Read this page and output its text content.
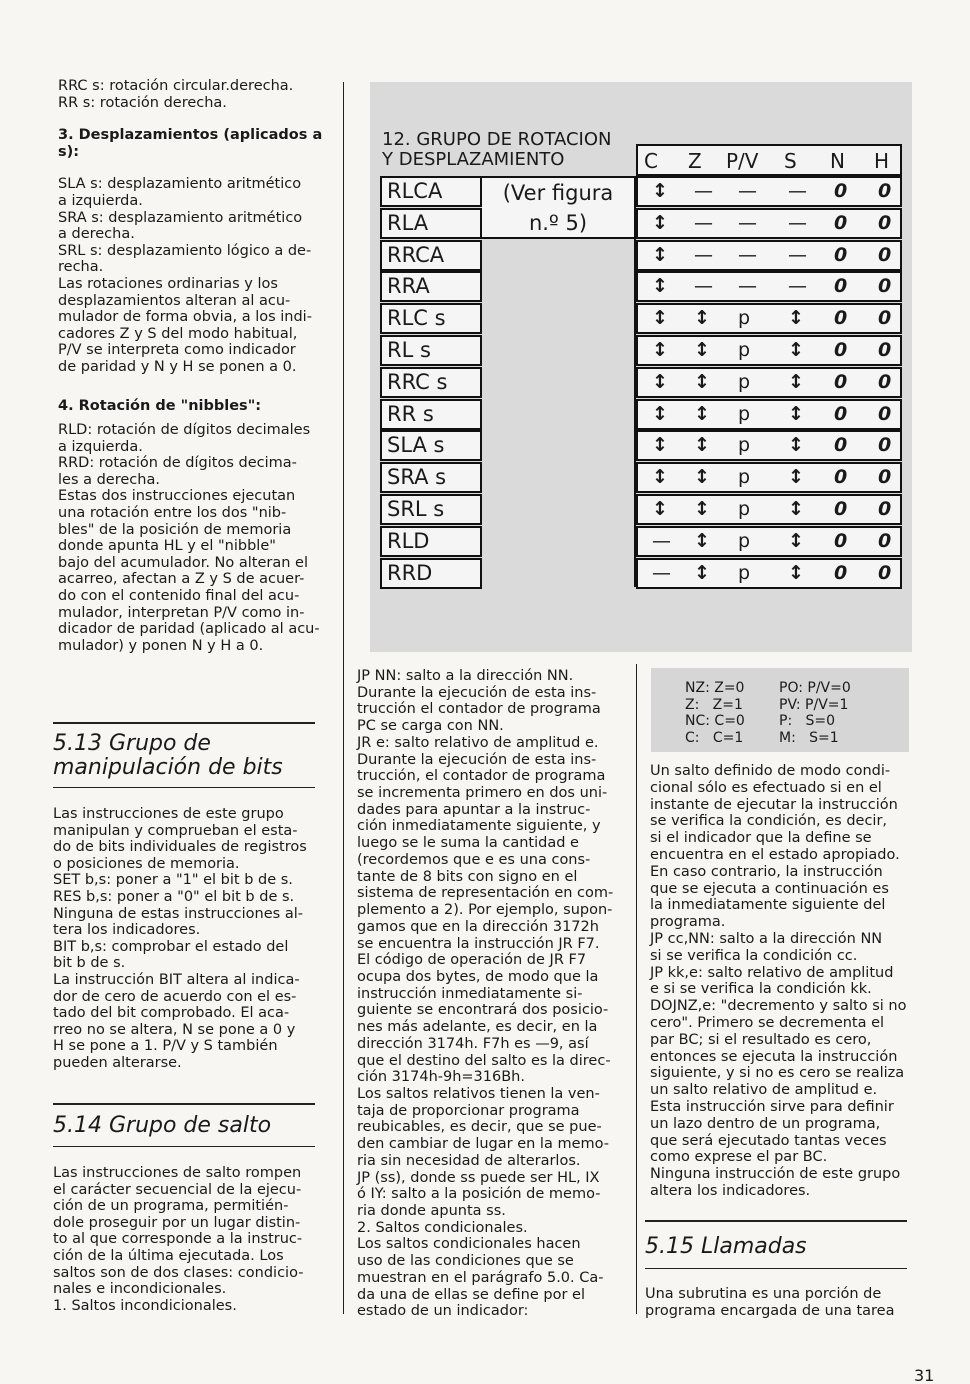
RRC s: rotación circular.derecha.

RR s: rotación derecha.

3. Desplazamientos (aplicados a

s):

SLA s: desplazamiento aritmético

a izquierda.

SRA s: desplazamiento aritmético

a derecha.

SRL s: desplazamiento lógico a de-

recha.

Las rotaciones ordinarias y los

desplazamientos alteran al acu-

mulador de forma obvia, a los indi-

cadores Z y S del modo habitual,

P/V se interpreta como indicador

de paridad y N y H se ponen a 0.

4. Rotación de "nibbles":

RLD: rotación de dígitos decimales

a izquierda.

RRD: rotación de dígitos decima-

les a derecha.

Estas dos instrucciones ejecutan

una rotación entre los dos "nib-

bles" de la posición de memoria

donde apunta HL y el "nibble"

bajo del acumulador. No alteran el

acarreo, afectan a Z y S de acuer-

do con el contenido final del acu-

mulador, interpretan P/V como in-

dicador de paridad (aplicado al acu-

mulador) y ponen N y H a 0.

5.13 Grupo de

manipulación de bits

Las instrucciones de este grupo

manipulan y comprueban el esta-

do de bits individuales de registros

o posiciones de memoria.

SET b,s: poner a "1" el bit b de s.

RES b,s: poner a "0" el bit b de s.

Ninguna de estas instrucciones al-

tera los indicadores.

BIT b,s: comprobar el estado del

bit b de s.

La instrucción BIT altera al indica-

dor de cero de acuerdo con el es-

tado del bit comprobado. El aca-

rreo no se altera, N se pone a 0 y

H se pone a 1. P/V y S también

pueden alterarse.

5.14 Grupo de salto

Las instrucciones de salto rompen

el carácter secuencial de la ejecu-

ción de un programa, permitién-

dole proseguir por un lugar distin-

to al que corresponde a la instruc-

ción de la última ejecutada. Los

saltos son de dos clases: condicio-

nales e incondicionales.

1. Saltos incondicionales.

12. GRUPO DE ROTACION

Y DESPLAZAMIENTO	C Z P/V S N H

(Ver figura

n.º 5)

RLCA	↕ — — — 0 0
RLA	↕ — — — 0 0
RRCA	↕ — — — 0 0
RRA	↕ — — — 0 0
RLC s	↕ ↕ p ↕ 0 0
RL s	↕ ↕ p ↕ 0 0
RRC s	↕ ↕ p ↕ 0 0
RR s	↕ ↕ p ↕ 0 0
SLA s	↕ ↕ p ↕ 0 0
SRA s	↕ ↕ p ↕ 0 0
SRL s	↕ ↕ p ↕ 0 0
RLD	— ↕ p ↕ 0 0
RRD	— ↕ p ↕ 0 0

JP NN: salto a la dirección NN.

Durante la ejecución de esta ins-

trucción el contador de programa

PC se carga con NN.

JR e: salto relativo de amplitud e.

Durante la ejecución de esta ins-

trucción, el contador de programa

se incrementa primero en dos uni-

dades para apuntar a la instruc-

ción inmediatamente siguiente, y

luego se le suma la cantidad e

(recordemos que e es una cons-

tante de 8 bits con signo en el

sistema de representación en com-

plemento a 2). Por ejemplo, supon-

gamos que en la dirección 3172h

se encuentra la instrucción JR F7.

El código de operación de JR F7

ocupa dos bytes, de modo que la

instrucción inmediatamente si-

guiente se encontrará dos posicio-

nes más adelante, es decir, en la

dirección 3174h. F7h es —9, así

que el destino del salto es la direc-

ción 3174h-9h=316Bh.

Los saltos relativos tienen la ven-

taja de proporcionar programa

reubicables, es decir, que se pue-

den cambiar de lugar en la memo-

ria sin necesidad de alterarlos.

JP (ss), donde ss puede ser HL, IX

ó IY: salto a la posición de memo-

ria donde apunta ss.

2. Saltos condicionales.

Los saltos condicionales hacen

uso de las condiciones que se

muestran en el parágrafo 5.0. Ca-

da una de ellas se define por el

estado de un indicador:

NZ: Z=0

Z:   Z=1

NC: C=0

C:   C=1

PO: P/V=0

PV: P/V=1

P:   S=0

M:   S=1

Un salto definido de modo condi-

cional sólo es efectuado si en el

instante de ejecutar la instrucción

se verifica la condición, es decir,

si el indicador que la define se

encuentra en el estado apropiado.

En caso contrario, la instrucción

que se ejecuta a continuación es

la inmediatamente siguiente del

programa.

JP cc,NN: salto a la dirección NN

si se verifica la condición cc.

JP kk,e: salto relativo de amplitud

e si se verifica la condición kk.

DOJNZ,e: "decremento y salto si no

cero". Primero se decrementa el

par BC; si el resultado es cero,

entonces se ejecuta la instrucción

siguiente, y si no es cero se realiza

un salto relativo de amplitud e.

Esta instrucción sirve para definir

un lazo dentro de un programa,

que será ejecutado tantas veces

como exprese el par BC.

Ninguna instrucción de este grupo

altera los indicadores.

5.15 Llamadas

Una subrutina es una porción de

programa encargada de una tarea

31
